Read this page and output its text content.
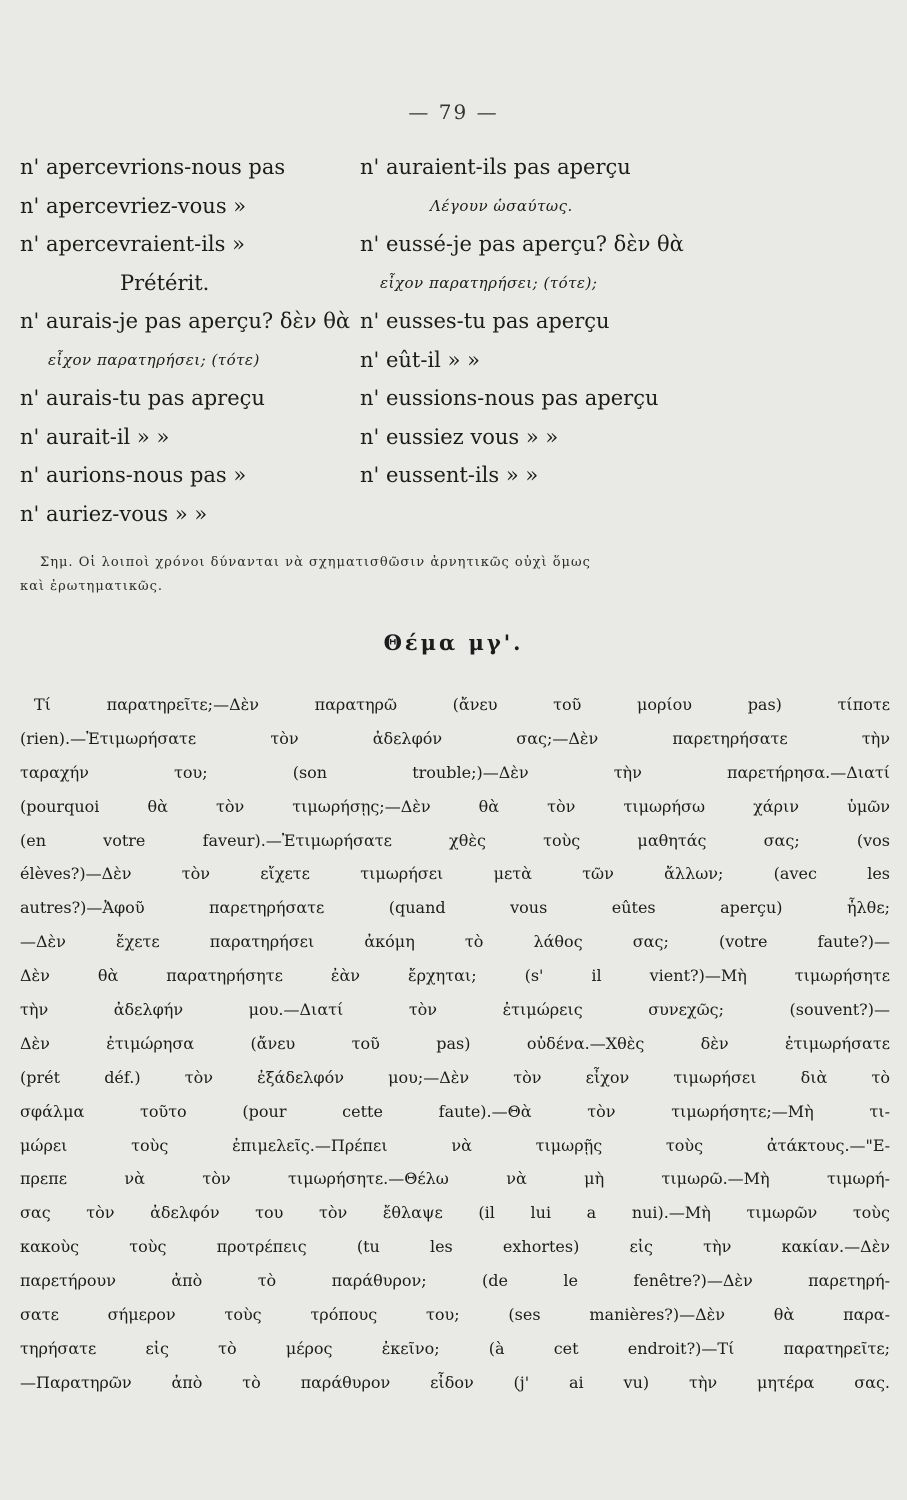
— 79 —
n' apercevrions-nous pas
n' apercevriez-vous »
n' apercevraient-ils »
Prétérit.
n' aurais-je pas aperçu? δὲν θὰ
εἶχον παρατηρήσει; (τότε)
n' aurais-tu pas apreçu
n' aurait-il » »
n' aurions-nous pas »
n' auriez-vous » »
n' auraient-ils pas aperçu
Λέγουν ὡσαύτως.
n' eussé-je pas aperçu? δὲν θὰ
εἶχον παρατηρήσει; (τότε);
n' eusses-tu pas aperçu
n' eût-il » »
n' eussions-nous pas aperçu
n' eussiez vous » »
n' eussent-ils » »
Σημ. Οἱ λοιποὶ χρόνοι δύνανται νὰ σχηματισθῶσιν ἀρνητικῶς οὐχὶ ὅμως
καὶ ἐρωτηματικῶς.
Θέμα μγ'.
Τί παρατηρεῖτε;—Δὲν παρατηρῶ (ἄνευ τοῦ μορίου pas) τίποτε
(rien).—Ἐτιμωρήσατε τὸν ἀδελφόν σας;—Δὲν παρετηρήσατε τὴν
ταραχήν του; (son trouble;)—Δὲν τὴν παρετήρησα.—Διατί
(pourquoi θὰ τὸν τιμωρήσῃς;—Δὲν θὰ τὸν τιμωρήσω χάριν ὑμῶν
(en votre faveur).—Ἐτιμωρήσατε χθὲς τοὺς μαθητάς σας; (vos
élèves?)—Δὲν τὸν εἴχετε τιμωρήσει μετὰ τῶν ἄλλων; (avec les
autres?)—Ἀφοῦ παρετηρήσατε (quand vous eûtes aperçu) ἦλθε;
—Δὲν ἔχετε παρατηρήσει ἀκόμη τὸ λάθος σας; (votre faute?)—
Δὲν θὰ παρατηρήσητε ἐὰν ἔρχηται; (s' il vient?)—Μὴ τιμωρήσητε
τὴν ἀδελφήν μου.—Διατί τὸν ἐτιμώρεις συνεχῶς; (souvent?)—
Δὲν ἐτιμώρησα (ἄνευ τοῦ pas) οὐδένα.—Χθὲς δὲν ἐτιμωρήσατε
(prét déf.) τὸν ἐξάδελφόν μου;—Δὲν τὸν εἶχον τιμωρήσει διὰ τὸ
σφάλμα τοῦτο (pour cette faute).—Θὰ τὸν τιμωρήσητε;—Μὴ τι-
μώρει τοὺς ἐπιμελεῖς.—Πρέπει νὰ τιμωρῇς τοὺς ἀτάκτους.—"Ε-
πρεπε νὰ τὸν τιμωρήσητε.—Θέλω νὰ μὴ τιμωρῶ.—Μὴ τιμωρή-
σας τὸν ἀδελφόν του τὸν ἔθλαψε (il lui a nui).—Μὴ τιμωρῶν τοὺς
κακοὺς τοὺς προτρέπεις (tu les exhortes) εἰς τὴν κακίαν.—Δὲν
παρετήρουν ἀπὸ τὸ παράθυρον; (de le fenêtre?)—Δὲν παρετηρή-
σατε σήμερον τοὺς τρόπους του; (ses manières?)—Δὲν θὰ παρα-
τηρήσατε εἰς τὸ μέρος ἐκεῖνο; (à cet endroit?)—Τί παρατηρεῖτε;
—Παρατηρῶν ἀπὸ τὸ παράθυρον εἶδον (j' ai vu) τὴν μητέρα σας.
